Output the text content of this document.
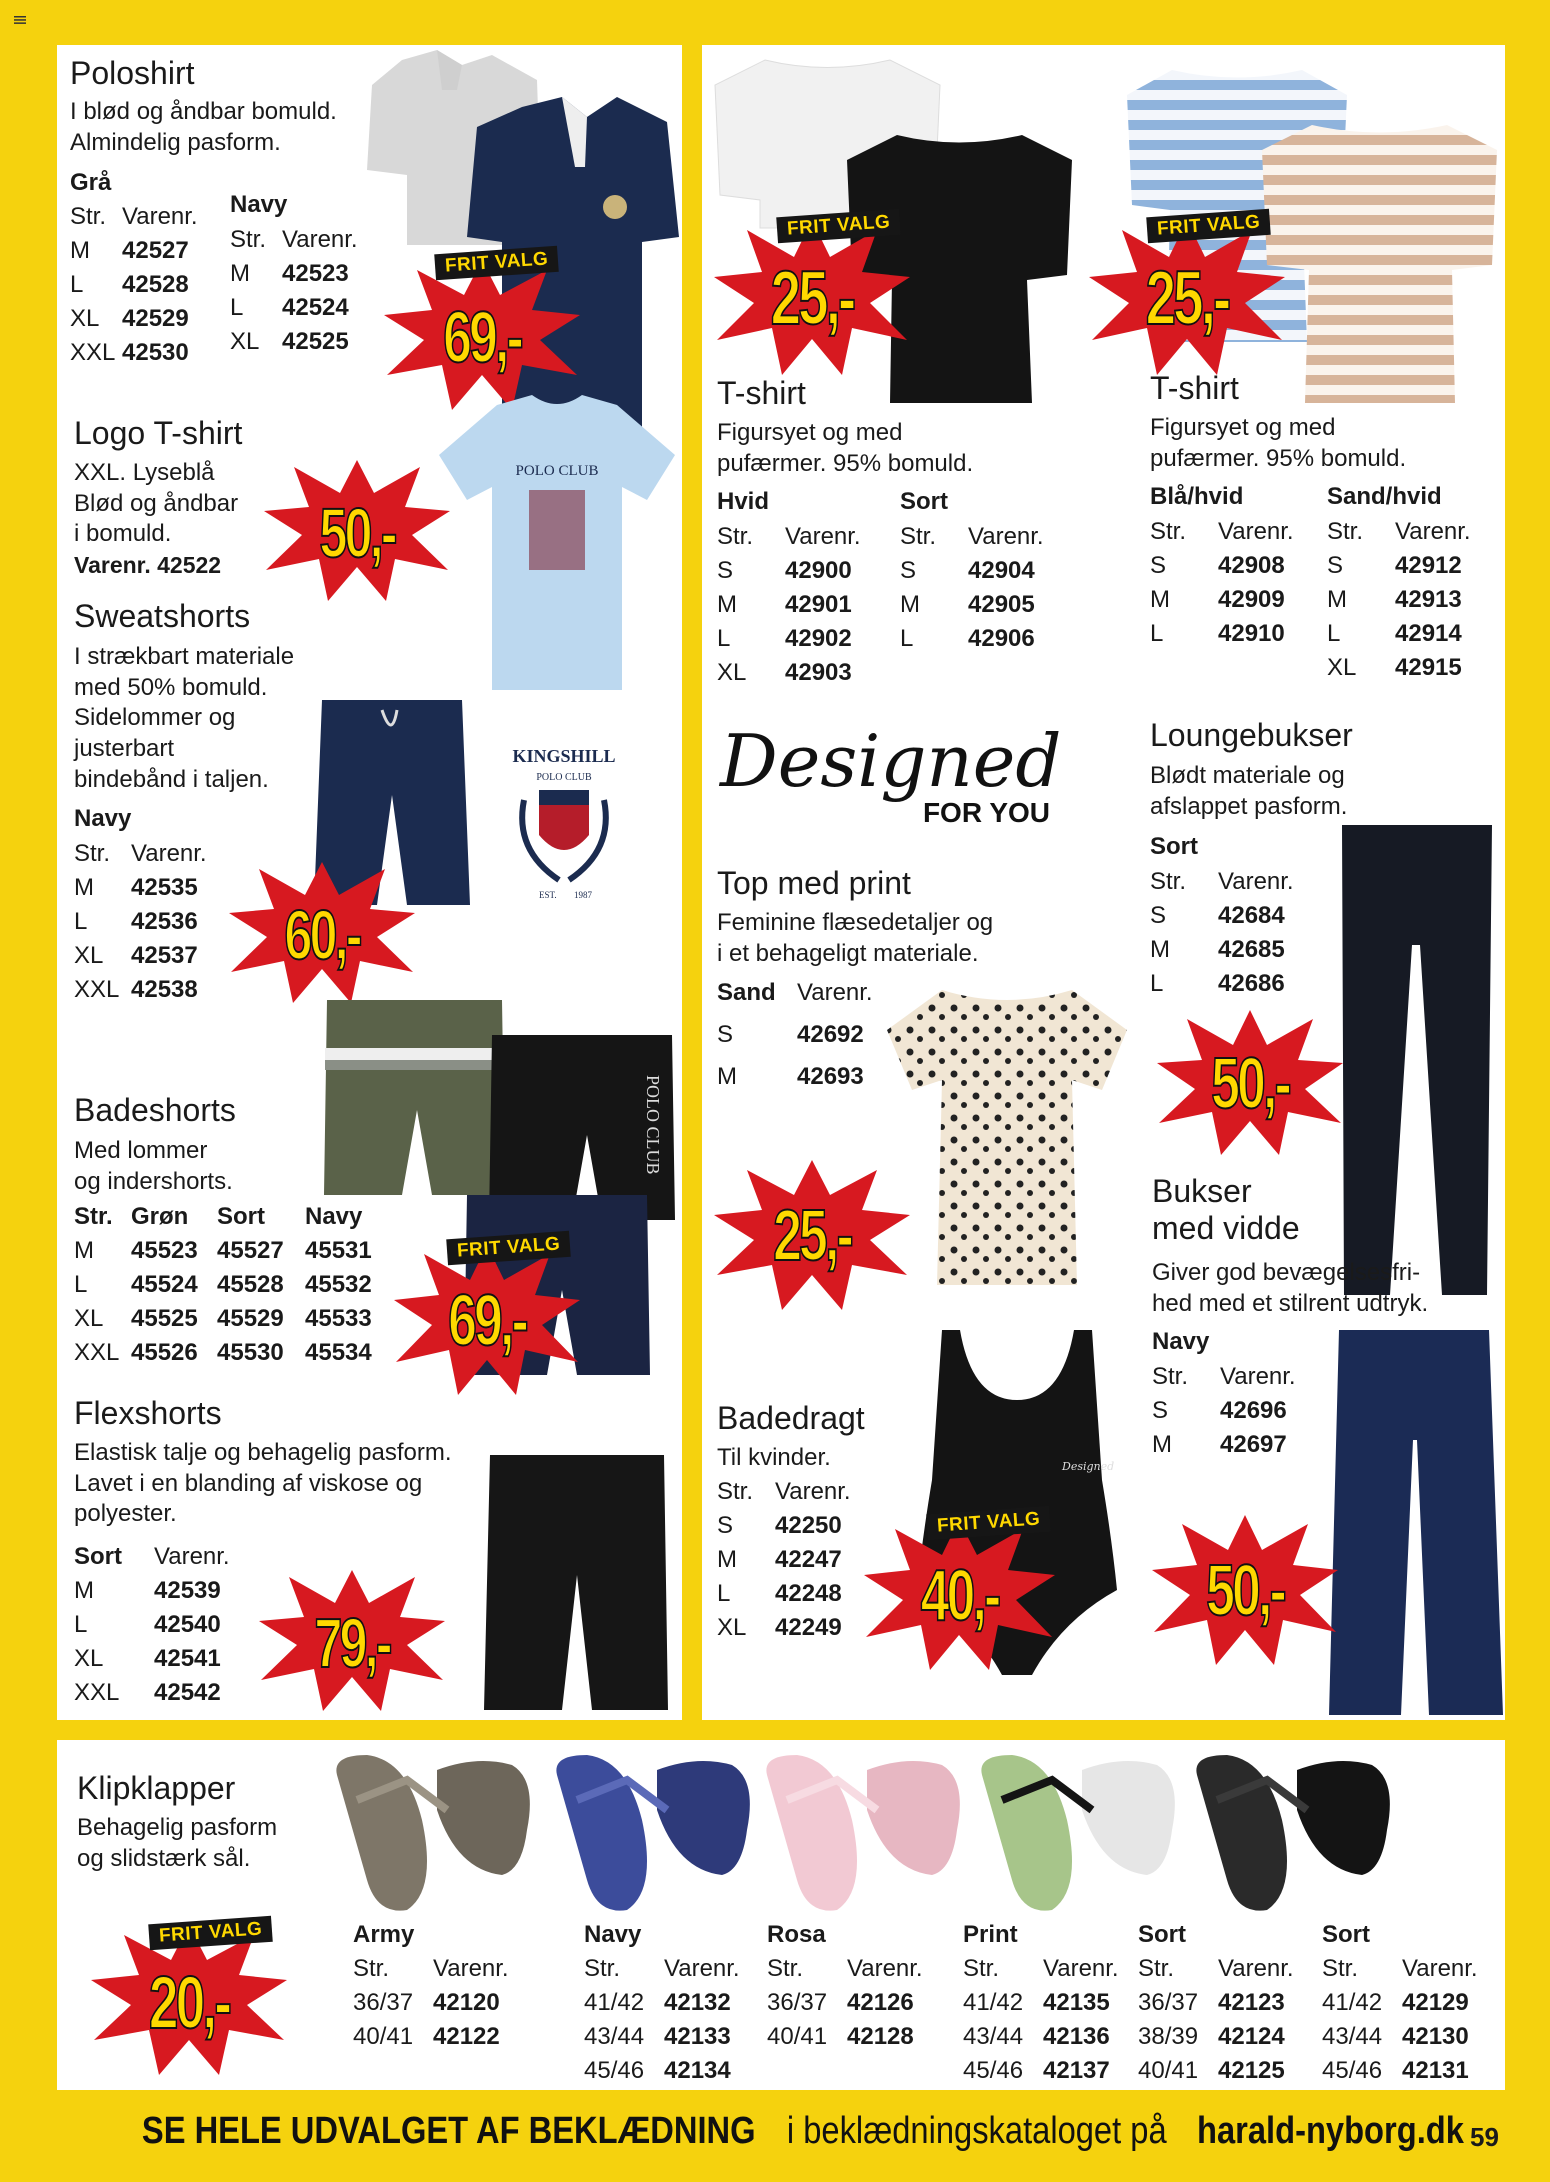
Poloshirt
I blød og åndbar bomuld.
Almindelig pasform.
Grå
Str. Varenr.
M	42527
L	42528
XL 42529
XXL 42530
Navy
Str. Varenr.
M	42523
L	42524
XL 42525	69,-
FRIT VALG
Logo T-shirt
XXL. Lyseblå
Blød og åndbar
i bomuld.
Varenr. 42522
POLO CLUB
50,-
Sweatshorts
I strækbart materiale
med 50% bomuld.
Sidelommer og
justerbart
bindebånd i taljen.
Navy
Str. Varenr.
M	42535
L	42536
XL	42537
XXL 42538
KINGSHILL
POLO CLUB
EST. 1987
60,-
POLO CLUB
Badeshorts
Med lommer
og indershorts.
Str. Grøn	Sort	Navy
M	45523 45527 45531
L	45524 45528 45532
XL	45525 45529 45533
XXL 45526 45530 45534	69,-
FRIT VALG
Flexshorts
Elastisk talje og behagelig pasform.
Lavet i en blanding af viskose og
polyester.
Sort	Varenr.
M	42539
L	42540
XL	42541
XXL	42542
79,-
25,-
FRIT VALG
T-shirt
Figursyet og med
pufærmer. 95% bomuld.
Hvid	Sort
Str.	Varenr.
S	42900
M	42901
L	42902
XL	42903
Str.	Varenr.
S	42904
M	42905
L	42906
25,-
FRIT VALG
T-shirt
Figursyet og med
pufærmer. 95% bomuld.
Blå/hvid	Sand/hvid
Str.	Varenr.
S	42908
M	42909
L	42910
Str.	Varenr.
S	42912
M	42913
L	42914
XL	42915
Designed
FOR YOU
Top med print
Feminine flæsedetaljer og
i et behageligt materiale.
Sand Varenr.
S	42692
M	42693
25,-
Loungebukser
Blødt materiale og
afslappet pasform.
Sort
Str.	Varenr.
S	42684
M	42685
L	42686
50,-
Bukser
med vidde
Giver god bevægelsesfri-
hed med et stilrent udtryk.
Navy
Str.	Varenr.
S	42696
M	42697
50,-
Badedragt
Til kvinder.
Str. Varenr.
S	42250
M	42247
L	42248
XL	42249
Designed
40,-
FRIT VALG
Klipklapper
Behagelig pasform
og slidstærk sål.
20,-
FRIT VALG	Army
Str.	Varenr.
36/37 42120
40/41 42122
Navy
Str.	Varenr.
41/42 42132
43/44 42133
45/46 42134
Rosa
Str.	Varenr.
36/37 42126
40/41 42128
Print
Str.	Varenr.
41/42 42135
43/44 42136
45/46 42137
Sort
Str.	Varenr.
36/37 42123
38/39 42124
40/41 42125
Sort
Str.	Varenr.
41/42 42129
43/44 42130
45/46 42131
SE HELE UDVALGET AF BEKLÆDNINGi beklædningskataloget påharald-nyborg.dk 59
